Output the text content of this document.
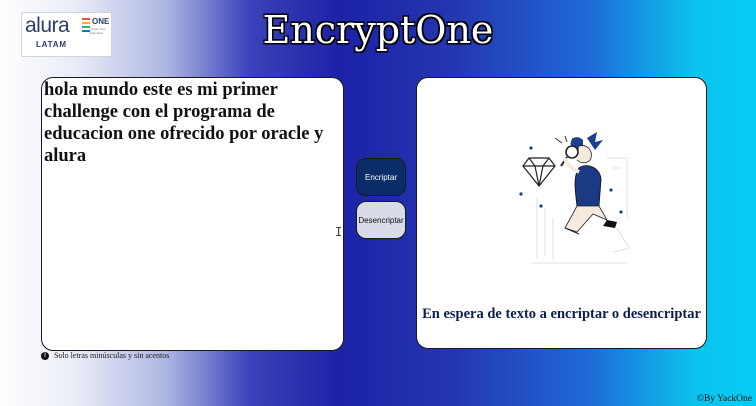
alura
LATAM
ONE
Oracle Next Education	EncryptOne
hola mundo este es mi primer challenge con el programa de educacion one ofrecido por oracle y alura
I
!	Solo letras minúsculas y sin acentos
Encriptar
Desencriptar
En espera de texto a encriptar o desencriptar
©By YackOne
